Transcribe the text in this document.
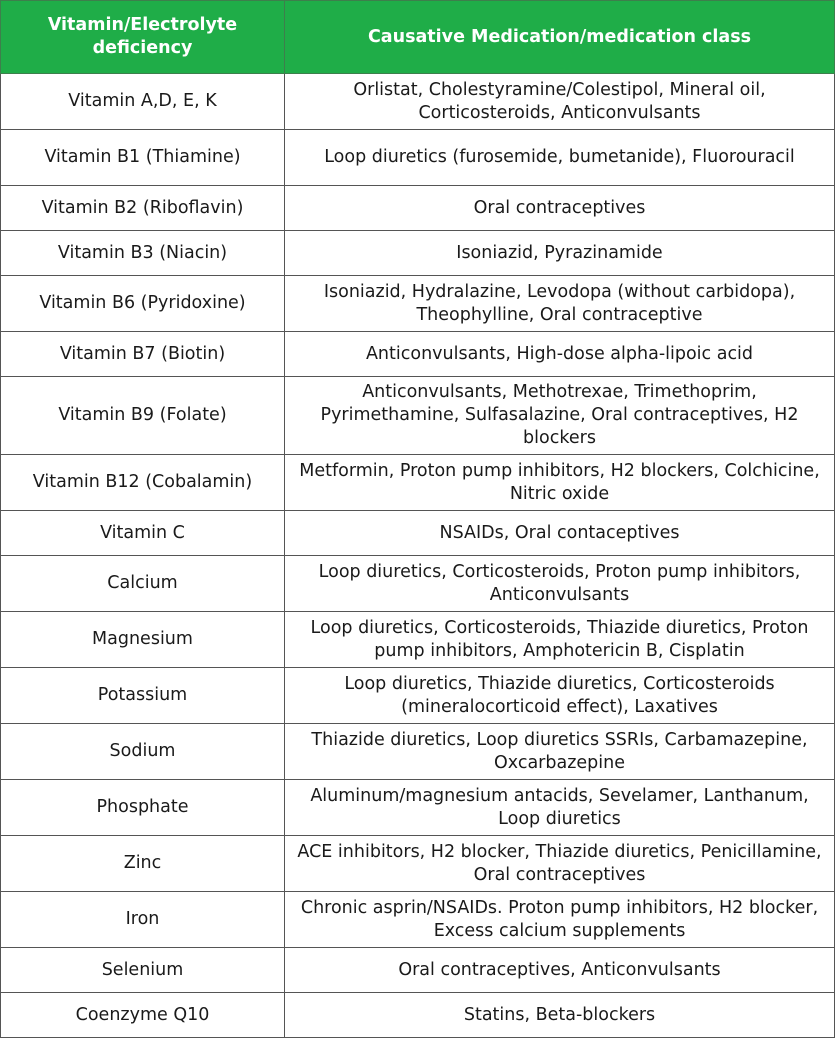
Vitamin/Electrolyte deficiency	Causative Medication/medication class
Vitamin A,D, E, K	Orlistat, Cholestyramine/Colestipol, Mineral oil, Corticosteroids, Anticonvulsants
Vitamin B1 (Thiamine)	Loop diuretics (furosemide, bumetanide), Fluorouracil
Vitamin B2 (Riboflavin)	Oral contraceptives
Vitamin B3 (Niacin)	Isoniazid, Pyrazinamide
Vitamin B6 (Pyridoxine)	Isoniazid, Hydralazine, Levodopa (without carbidopa), Theophylline, Oral contraceptive
Vitamin B7 (Biotin)	Anticonvulsants, High-dose alpha-lipoic acid
Vitamin B9 (Folate)	Anticonvulsants, Methotrexae, Trimethoprim, Pyrimethamine, Sulfasalazine, Oral contraceptives, H2 blockers
Vitamin B12 (Cobalamin)	Metformin, Proton pump inhibitors, H2 blockers, Colchicine, Nitric oxide
Vitamin C	NSAIDs, Oral contaceptives
Calcium	Loop diuretics, Corticosteroids, Proton pump inhibitors, Anticonvulsants
Magnesium	Loop diuretics, Corticosteroids, Thiazide diuretics, Proton pump inhibitors, Amphotericin B, Cisplatin
Potassium	Loop diuretics, Thiazide diuretics, Corticosteroids (mineralocorticoid effect), Laxatives
Sodium	Thiazide diuretics, Loop diuretics SSRIs, Carbamazepine, Oxcarbazepine
Phosphate	Aluminum/magnesium antacids, Sevelamer, Lanthanum, Loop diuretics
Zinc	ACE inhibitors, H2 blocker, Thiazide diuretics, Penicillamine, Oral contraceptives
Iron	Chronic asprin/NSAIDs. Proton pump inhibitors, H2 blocker, Excess calcium supplements
Selenium	Oral contraceptives, Anticonvulsants
Coenzyme Q10	Statins, Beta-blockers
